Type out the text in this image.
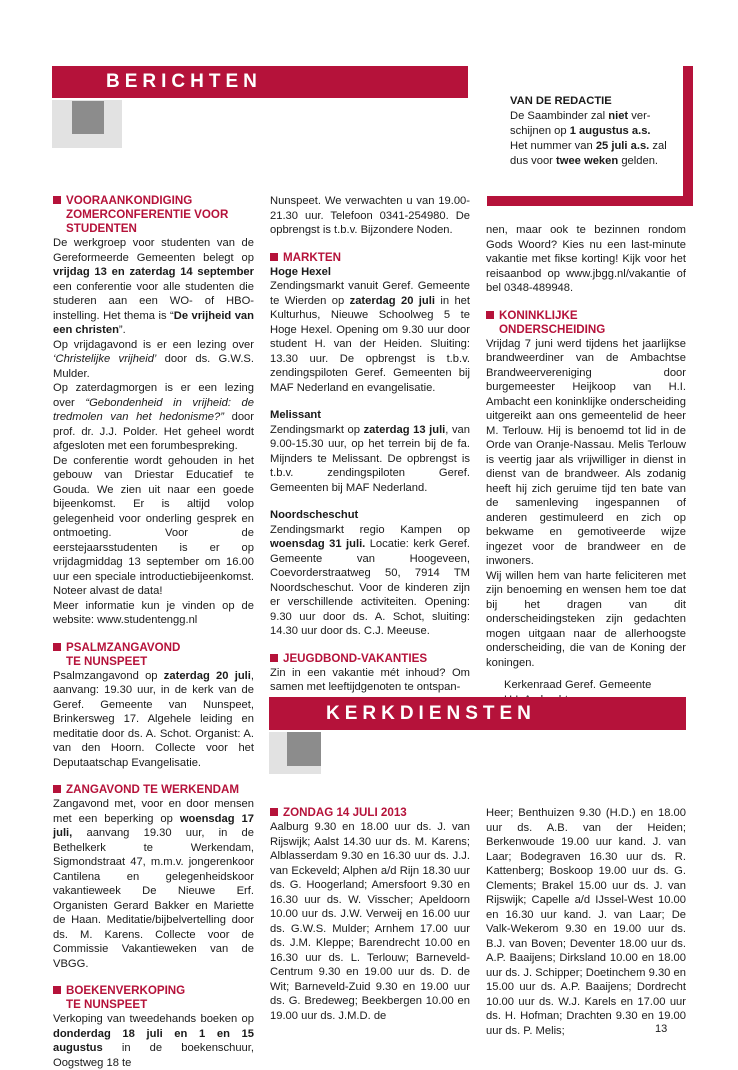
BERICHTEN
VAN DE REDACTIE
De Saambinder zal niet ver-
schijnen op 1 augustus a.s.
Het nummer van 25 juli a.s. zal
dus voor twee weken gelden.
VOORAANKONDIGING
ZOMERCONFERENTIE VOOR
STUDENTEN

De werkgroep voor studenten van de Gereformeerde Gemeenten belegt op vrijdag 13 en zaterdag 14 september een conferentie voor alle studenten die studeren aan een WO- of HBO-instelling. Het thema is “De vrijheid van een christen”.

Op vrijdagavond is er een lezing over ‘Christelijke vrijheid’ door ds. G.W.S. Mulder.

Op zaterdagmorgen is er een lezing over “Gebondenheid in vrijheid: de tredmolen van het hedonisme?” door prof. dr. J.J. Polder. Het geheel wordt afgesloten met een forumbespreking.

De conferentie wordt gehouden in het gebouw van Driestar Educatief te Gouda. We zien uit naar een goede bijeenkomst. Er is altijd volop gelegenheid voor onderling gesprek en ontmoeting. Voor de eerstejaarsstudenten is er op vrijdagmiddag 13 september om 16.00 uur een speciale introductiebijeenkomst. Noteer alvast de data!

Meer informatie kun je vinden op de website: www.studentengg.nl

PSALMZANGAVOND
TE NUNSPEET

Psalmzangavond op zaterdag 20 juli, aanvang: 19.30 uur, in de kerk van de Geref. Gemeente van Nunspeet, Brinkersweg 17. Algehele leiding en meditatie door ds. A. Schot. Organist: A. van den Hoorn. Collecte voor het Deputaatschap Evangelisatie.

ZANGAVOND TE WERKENDAM

Zangavond met, voor en door mensen met een beperking op woensdag 17 juli, aanvang 19.30 uur, in de Bethelkerk te Werkendam, Sigmondstraat 47, m.m.v. jongerenkoor Cantilena en gelegenheidskoor vakantieweek De Nieuwe Erf. Organisten Gerard Bakker en Mariette de Haan. Meditatie/bijbelvertelling door ds. M. Karens. Collecte voor de Commissie Vakantieweken van de VBGG.

BOEKENVERKOPING
TE NUNSPEET

Verkoping van tweedehands boeken op donderdag 18 juli en 1 en 15 augustus in de boekenschuur, Oogstweg 18 te

Nunspeet. We verwachten u van 19.00-21.30 uur. Telefoon 0341-254980. De opbrengst is t.b.v. Bijzondere Noden.

MARKTEN

Hoge Hexel

Zendingsmarkt vanuit Geref. Gemeente te Wierden op zaterdag 20 juli in het Kulturhus, Nieuwe Schoolweg 5 te Hoge Hexel. Opening om 9.30 uur door student H. van der Heiden. Sluiting: 13.30 uur. De opbrengst is t.b.v. zendingspiloten Geref. Gemeenten bij MAF Nederland en evangelisatie.

Melissant

Zendingsmarkt op zaterdag 13 juli, van 9.00-15.30 uur, op het terrein bij de fa. Mijnders te Melissant. De opbrengst is t.b.v. zendingspiloten Geref. Gemeenten bij MAF Nederland.

Noordscheschut

Zendingsmarkt regio Kampen op woensdag 31 juli. Locatie: kerk Geref. Gemeente van Hoogeveen, Coevorderstraatweg 50, 7914 TM Noordscheschut. Voor de kinderen zijn er verschillende activiteiten. Opening: 9.30 uur door ds. A. Schot, sluiting: 14.30 uur door ds. C.J. Meeuse.

JEUGDBOND-VAKANTIES

Zin in een vakantie mét inhoud? Om samen met leeftijdgenoten te ontspan-

nen, maar ook te bezinnen rondom Gods Woord? Kies nu een last-minute vakantie met fikse korting! Kijk voor het reisaanbod op www.jbgg.nl/vakantie of bel 0348-489948.

KONINKLIJKE
ONDERSCHEIDING

Vrijdag 7 juni werd tijdens het jaarlijkse brandweerdiner van de Ambachtse Brandweervereniging door burgemeester Heijkoop van H.I. Ambacht een koninklijke onderscheiding uitgereikt aan ons gemeentelid de heer M. Terlouw. Hij is benoemd tot lid in de Orde van Oranje-Nassau. Melis Terlouw is veertig jaar als vrijwilliger in dienst in dienst van de brandweer. Als zodanig heeft hij zich geruime tijd ten bate van de samenleving ingespannen of anderen gestimuleerd en zich op bekwame en gemotiveerde wijze ingezet voor de brandweer en de inwoners.

Wij willen hem van harte feliciteren met zijn benoeming en wensen hem toe dat bij het dragen van dit onderscheidingsteken zijn gedachten mogen uitgaan naar de allerhoogste onderscheiding, die van de Koning der koningen.

Kerkenraad Geref. Gemeente

KERKDIENSTEN
ZONDAG 14 JULI 2013

Aalburg 9.30 en 18.00 uur ds. J. van Rijswijk; Aalst 14.30 uur ds. M. Karens; Alblasserdam 9.30 en 16.30 uur ds. J.J. van Eckeveld; Alphen a/d Rijn 18.30 uur ds. G. Hoogerland; Amersfoort 9.30 en 16.30 uur ds. W. Visscher; Apeldoorn 10.00 uur ds. J.W. Verweij en 16.00 uur ds. G.W.S. Mulder; Arnhem 17.00 uur ds. J.M. Kleppe; Barendrecht 10.00 en 16.30 uur ds. L. Terlouw; Barneveld-Centrum 9.30 en 19.00 uur ds. D. de Wit; Barneveld-Zuid 9.30 en 19.00 uur ds. G. Bredeweg; Beekbergen 10.00 en 19.00 uur ds. J.M.D. de

Heer; Benthuizen 9.30 (H.D.) en 18.00 uur ds. A.B. van der Heiden; Berkenwoude 19.00 uur kand. J. van Laar; Bodegraven 16.30 uur ds. R. Kattenberg; Boskoop 19.00 uur ds. G. Clements; Brakel 15.00 uur ds. J. van Rijswijk; Capelle a/d IJssel-West 10.00 en 16.30 uur kand. J. van Laar; De Valk-Wekerom 9.30 en 19.00 uur ds. B.J. van Boven; Deventer 18.00 uur ds. A.P. Baaijens; Dirksland 10.00 en 18.00 uur ds. J. Schipper; Doetinchem 9.30 en 15.00 uur ds. A.P. Baaijens; Dordrecht 10.00 uur ds. W.J. Karels en 17.00 uur ds. H. Hofman; Drachten 9.30 en 19.00 uur ds. P. Melis;	13
